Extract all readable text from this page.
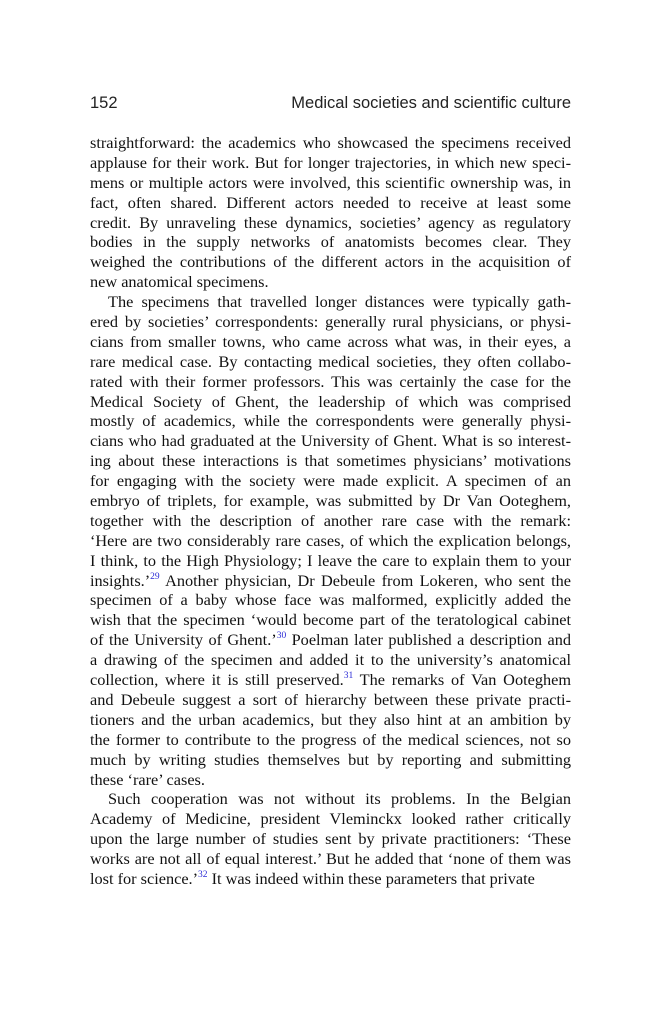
152	Medical societies and scientific culture
straightforward: the academics who showcased the specimens received
applause for their work. But for longer trajectories, in which new speci-
mens or multiple actors were involved, this scientific ownership was, in
fact, often shared. Different actors needed to receive at least some
credit. By unraveling these dynamics, societies’ agency as regulatory
bodies in the supply networks of anatomists becomes clear. They
weighed the contributions of the different actors in the acquisition of
new anatomical specimens.
The specimens that travelled longer distances were typically gath-
ered by societies’ correspondents: generally rural physicians, or physi-
cians from smaller towns, who came across what was, in their eyes, a
rare medical case. By contacting medical societies, they often collabo-
rated with their former professors. This was certainly the case for the
Medical Society of Ghent, the leadership of which was comprised
mostly of academics, while the correspondents were generally physi-
cians who had graduated at the University of Ghent. What is so interest-
ing about these interactions is that sometimes physicians’ motivations
for engaging with the society were made explicit. A specimen of an
embryo of triplets, for example, was submitted by Dr Van Ooteghem,
together with the description of another rare case with the remark:
‘Here are two considerably rare cases, of which the explication belongs,
I think, to the High Physiology; I leave the care to explain them to your
insights.’$^{29}$ Another physician, Dr Debeule from Lokeren, who sent the
specimen of a baby whose face was malformed, explicitly added the
wish that the specimen ‘would become part of the teratological cabinet
of the University of Ghent.’$^{30}$ Poelman later published a description and
a drawing of the specimen and added it to the university’s anatomical
collection, where it is still preserved.$^{31}$ The remarks of Van Ooteghem
and Debeule suggest a sort of hierarchy between these private practi-
tioners and the urban academics, but they also hint at an ambition by
the former to contribute to the progress of the medical sciences, not so
much by writing studies themselves but by reporting and submitting
these ‘rare’ cases.
Such cooperation was not without its problems. In the Belgian
Academy of Medicine, president Vleminckx looked rather critically
upon the large number of studies sent by private practitioners: ‘These
works are not all of equal interest.’ But he added that ‘none of them was
lost for science.’$^{32}$ It was indeed within these parameters that private
